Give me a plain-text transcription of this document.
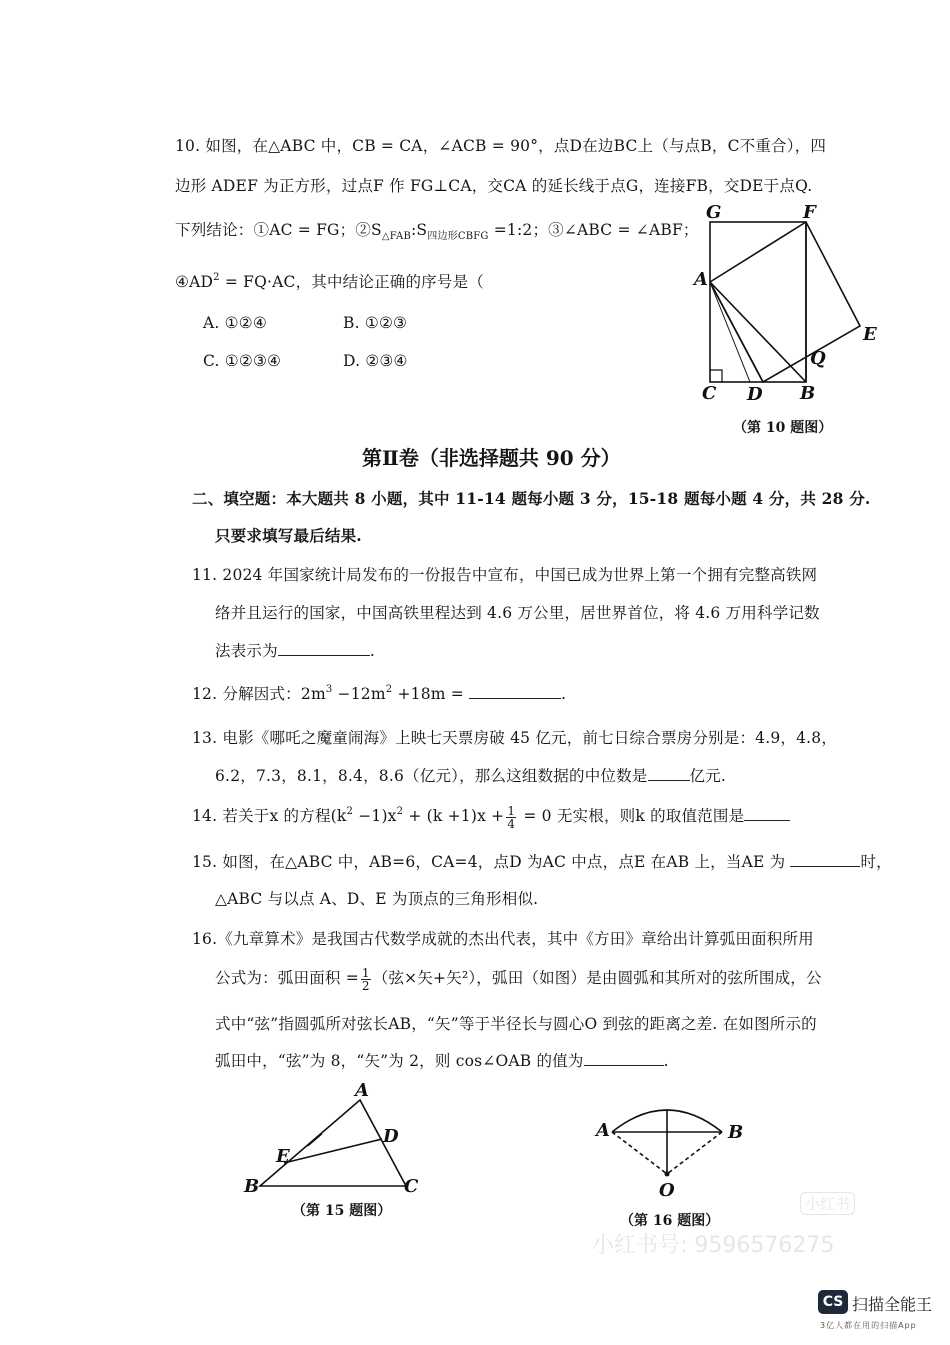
10. 如图，在△ABC 中，CB = CA，∠ACB = 90°，点D在边BC上（与点B，C不重合），四
边形 ADEF 为正方形，过点F 作 FG⊥CA，交CA 的延长线于点G，连接FB，交DE于点Q.
下列结论：①AC = FG；$②S_{\triangle FAB}:S_{四边形CBFG}$ =1:2；③∠ABC = ∠ABF；
$④AD^2 = FQ\cdot AC$，其中结论正确的序号是（
A. ①②④	B. ①②③
C. ①②③④	D. ②③④
G	F
A
E
Q
C D B
（第 10 题图）
第Ⅱ卷（非选择题共 90 分）
二、填空题：本大题共 8 小题，其中 11-14 题每小题 3 分，15-18 题每小题 4 分，共 28 分.
只要求填写最后结果.
11. 2024 年国家统计局发布的一份报告中宣布，中国已成为世界上第一个拥有完整高铁网
络并且运行的国家，中国高铁里程达到 4.6 万公里，居世界首位，将 4.6 万用科学记数
法表示为	.
12. 分解因式：$2m^3 -12m^2 +18m$ =	.
13. 电影《哪吒之魔童闹海》上映七天票房破 45 亿元，前七日综合票房分别是：4.9，4.8，
6.2，7.3，8.1，8.4，8.6（亿元），那么这组数据的中位数是	亿元.
14. 若关于x 的方程$(k^2 -1)x^2 + (k +1)x + \frac{1}{4} = 0$ 无实根，则k 的取值范围是
15. 如图，在△ABC 中，AB=6，CA=4，点D 为AC 中点，点E 在AB 上，当AE 为	时，
△ABC 与以点 A、D、E 为顶点的三角形相似.
16.《九章算术》是我国古代数学成就的杰出代表，其中《方田》章给出计算弧田面积所用
公式为：弧田面积 = $\frac{1}{2}$ （弦×矢+矢²），弧田（如图）是由圆弧和其所对的弦所围成，公
式中“弦”指圆弧所对弦长AB，“矢”等于半径长与圆心O 到弦的距离之差. 在如图所示的
弧田中，“弦”为 8，“矢”为 2，则 cos∠OAB 的值为	.
A
D
E
B	C
（第 15 题图）
A	B
O
（第 16 题图）
小红书
小红书号: 9596576275
CS 扫描全能王
3亿人都在用的扫描App
